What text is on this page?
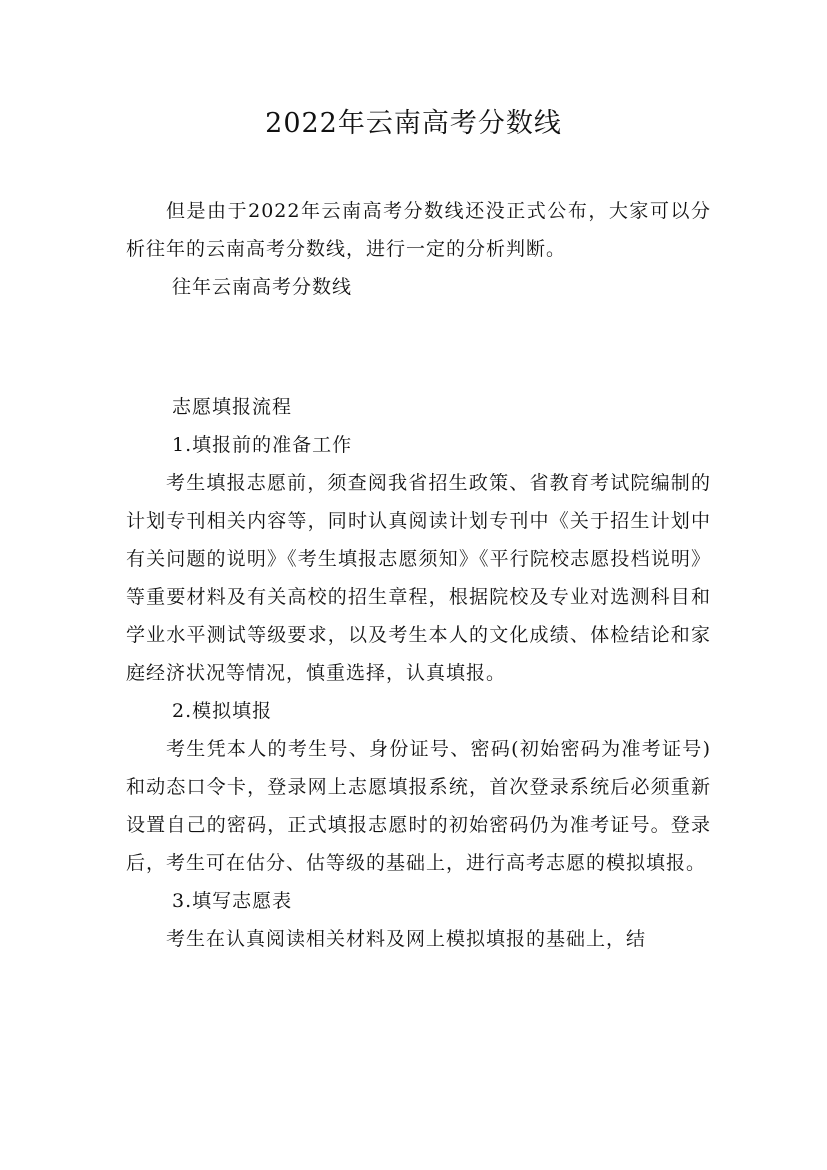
2022年云南高考分数线

但是由于2022年云南高考分数线还没正式公布，大家可以分析往年的云南高考分数线，进行一定的分析判断。

往年云南高考分数线

志愿填报流程

1.填报前的准备工作

考生填报志愿前，须查阅我省招生政策、省教育考试院编制的计划专刊相关内容等，同时认真阅读计划专刊中《关于招生计划中有关问题的说明》《考生填报志愿须知》《平行院校志愿投档说明》等重要材料及有关高校的招生章程，根据院校及专业对选测科目和学业水平测试等级要求，以及考生本人的文化成绩、体检结论和家庭经济状况等情况，慎重选择，认真填报。

2.模拟填报

考生凭本人的考生号、身份证号、密码(初始密码为准考证号)和动态口令卡，登录网上志愿填报系统，首次登录系统后必须重新设置自己的密码，正式填报志愿时的初始密码仍为准考证号。登录后，考生可在估分、估等级的基础上，进行高考志愿的模拟填报。

3.填写志愿表

考生在认真阅读相关材料及网上模拟填报的基础上，结
